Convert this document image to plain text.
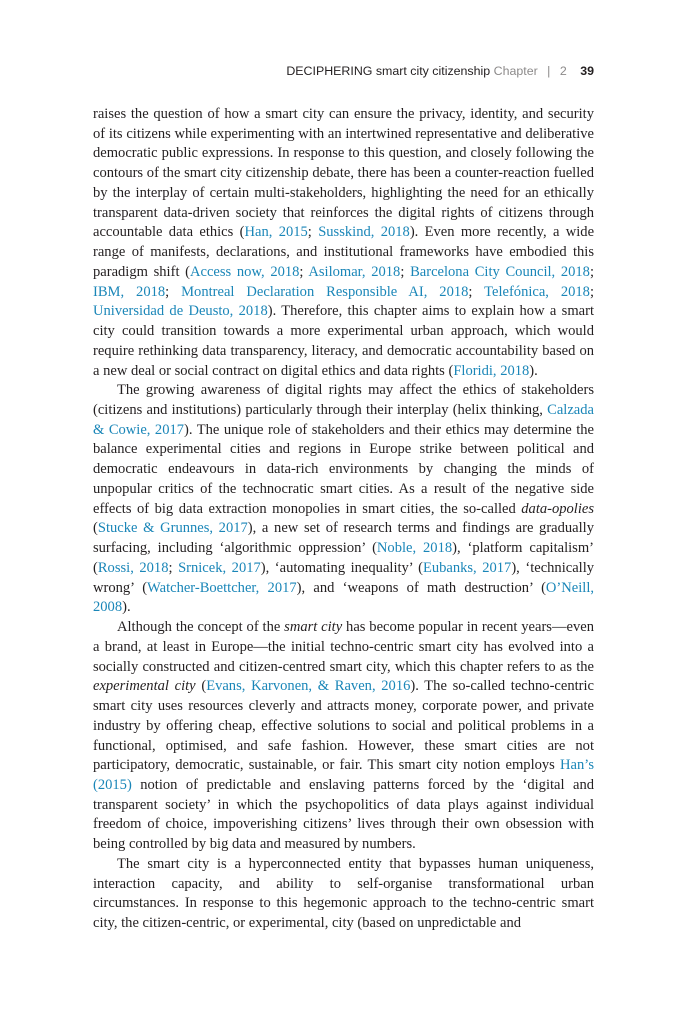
DECIPHERING smart city citizenship Chapter | 2 39

raises the question of how a smart city can ensure the privacy, identity, and security of its citizens while experimenting with an intertwined representative and deliberative democratic public expressions. In response to this question, and closely following the contours of the smart city citizenship debate, there has been a counter-reaction fuelled by the interplay of certain multi-stakeholders, highlighting the need for an ethically transparent data-driven society that reinforces the digital rights of citizens through accountable data ethics (Han, 2015; Susskind, 2018). Even more recently, a wide range of manifests, declarations, and institutional frameworks have embodied this paradigm shift (Access now, 2018; Asilomar, 2018; Barcelona City Council, 2018; IBM, 2018; Montreal Declaration Responsible AI, 2018; Telefónica, 2018; Universidad de Deusto, 2018). Therefore, this chapter aims to explain how a smart city could transition towards a more experimental urban approach, which would require rethinking data transparency, literacy, and democratic accountability based on a new deal or social contract on digital ethics and data rights (Floridi, 2018).

The growing awareness of digital rights may affect the ethics of stakeholders (citizens and institutions) particularly through their interplay (helix thinking, Calzada & Cowie, 2017). The unique role of stakeholders and their ethics may determine the balance experimental cities and regions in Europe strike between political and democratic endeavours in data-rich environments by changing the minds of unpopular critics of the technocratic smart cities. As a result of the negative side effects of big data extraction monopolies in smart cities, the so-called data-opolies (Stucke & Grunnes, 2017), a new set of research terms and findings are gradually surfacing, including ‘algorithmic oppression’ (Noble, 2018), ‘platform capitalism’ (Rossi, 2018; Srnicek, 2017), ‘automating inequality’ (Eubanks, 2017), ‘technically wrong’ (Watcher-Boettcher, 2017), and ‘weapons of math destruction’ (O’Neill, 2008).

Although the concept of the smart city has become popular in recent years—even a brand, at least in Europe—the initial techno-centric smart city has evolved into a socially constructed and citizen-centred smart city, which this chapter refers to as the experimental city (Evans, Karvonen, & Raven, 2016). The so-called techno-centric smart city uses resources cleverly and attracts money, corporate power, and private industry by offering cheap, effective solutions to social and political problems in a functional, optimised, and safe fashion. However, these smart cities are not participatory, democratic, sustainable, or fair. This smart city notion employs Han’s (2015) notion of predictable and enslaving patterns forced by the ‘digital and transparent society’ in which the psychopolitics of data plays against individual freedom of choice, impoverishing citizens’ lives through their own obsession with being controlled by big data and measured by numbers.

The smart city is a hyperconnected entity that bypasses human uniqueness, interaction capacity, and ability to self-organise transformational urban circumstances. In response to this hegemonic approach to the techno-centric smart city, the citizen-centric, or experimental, city (based on unpredictable and
